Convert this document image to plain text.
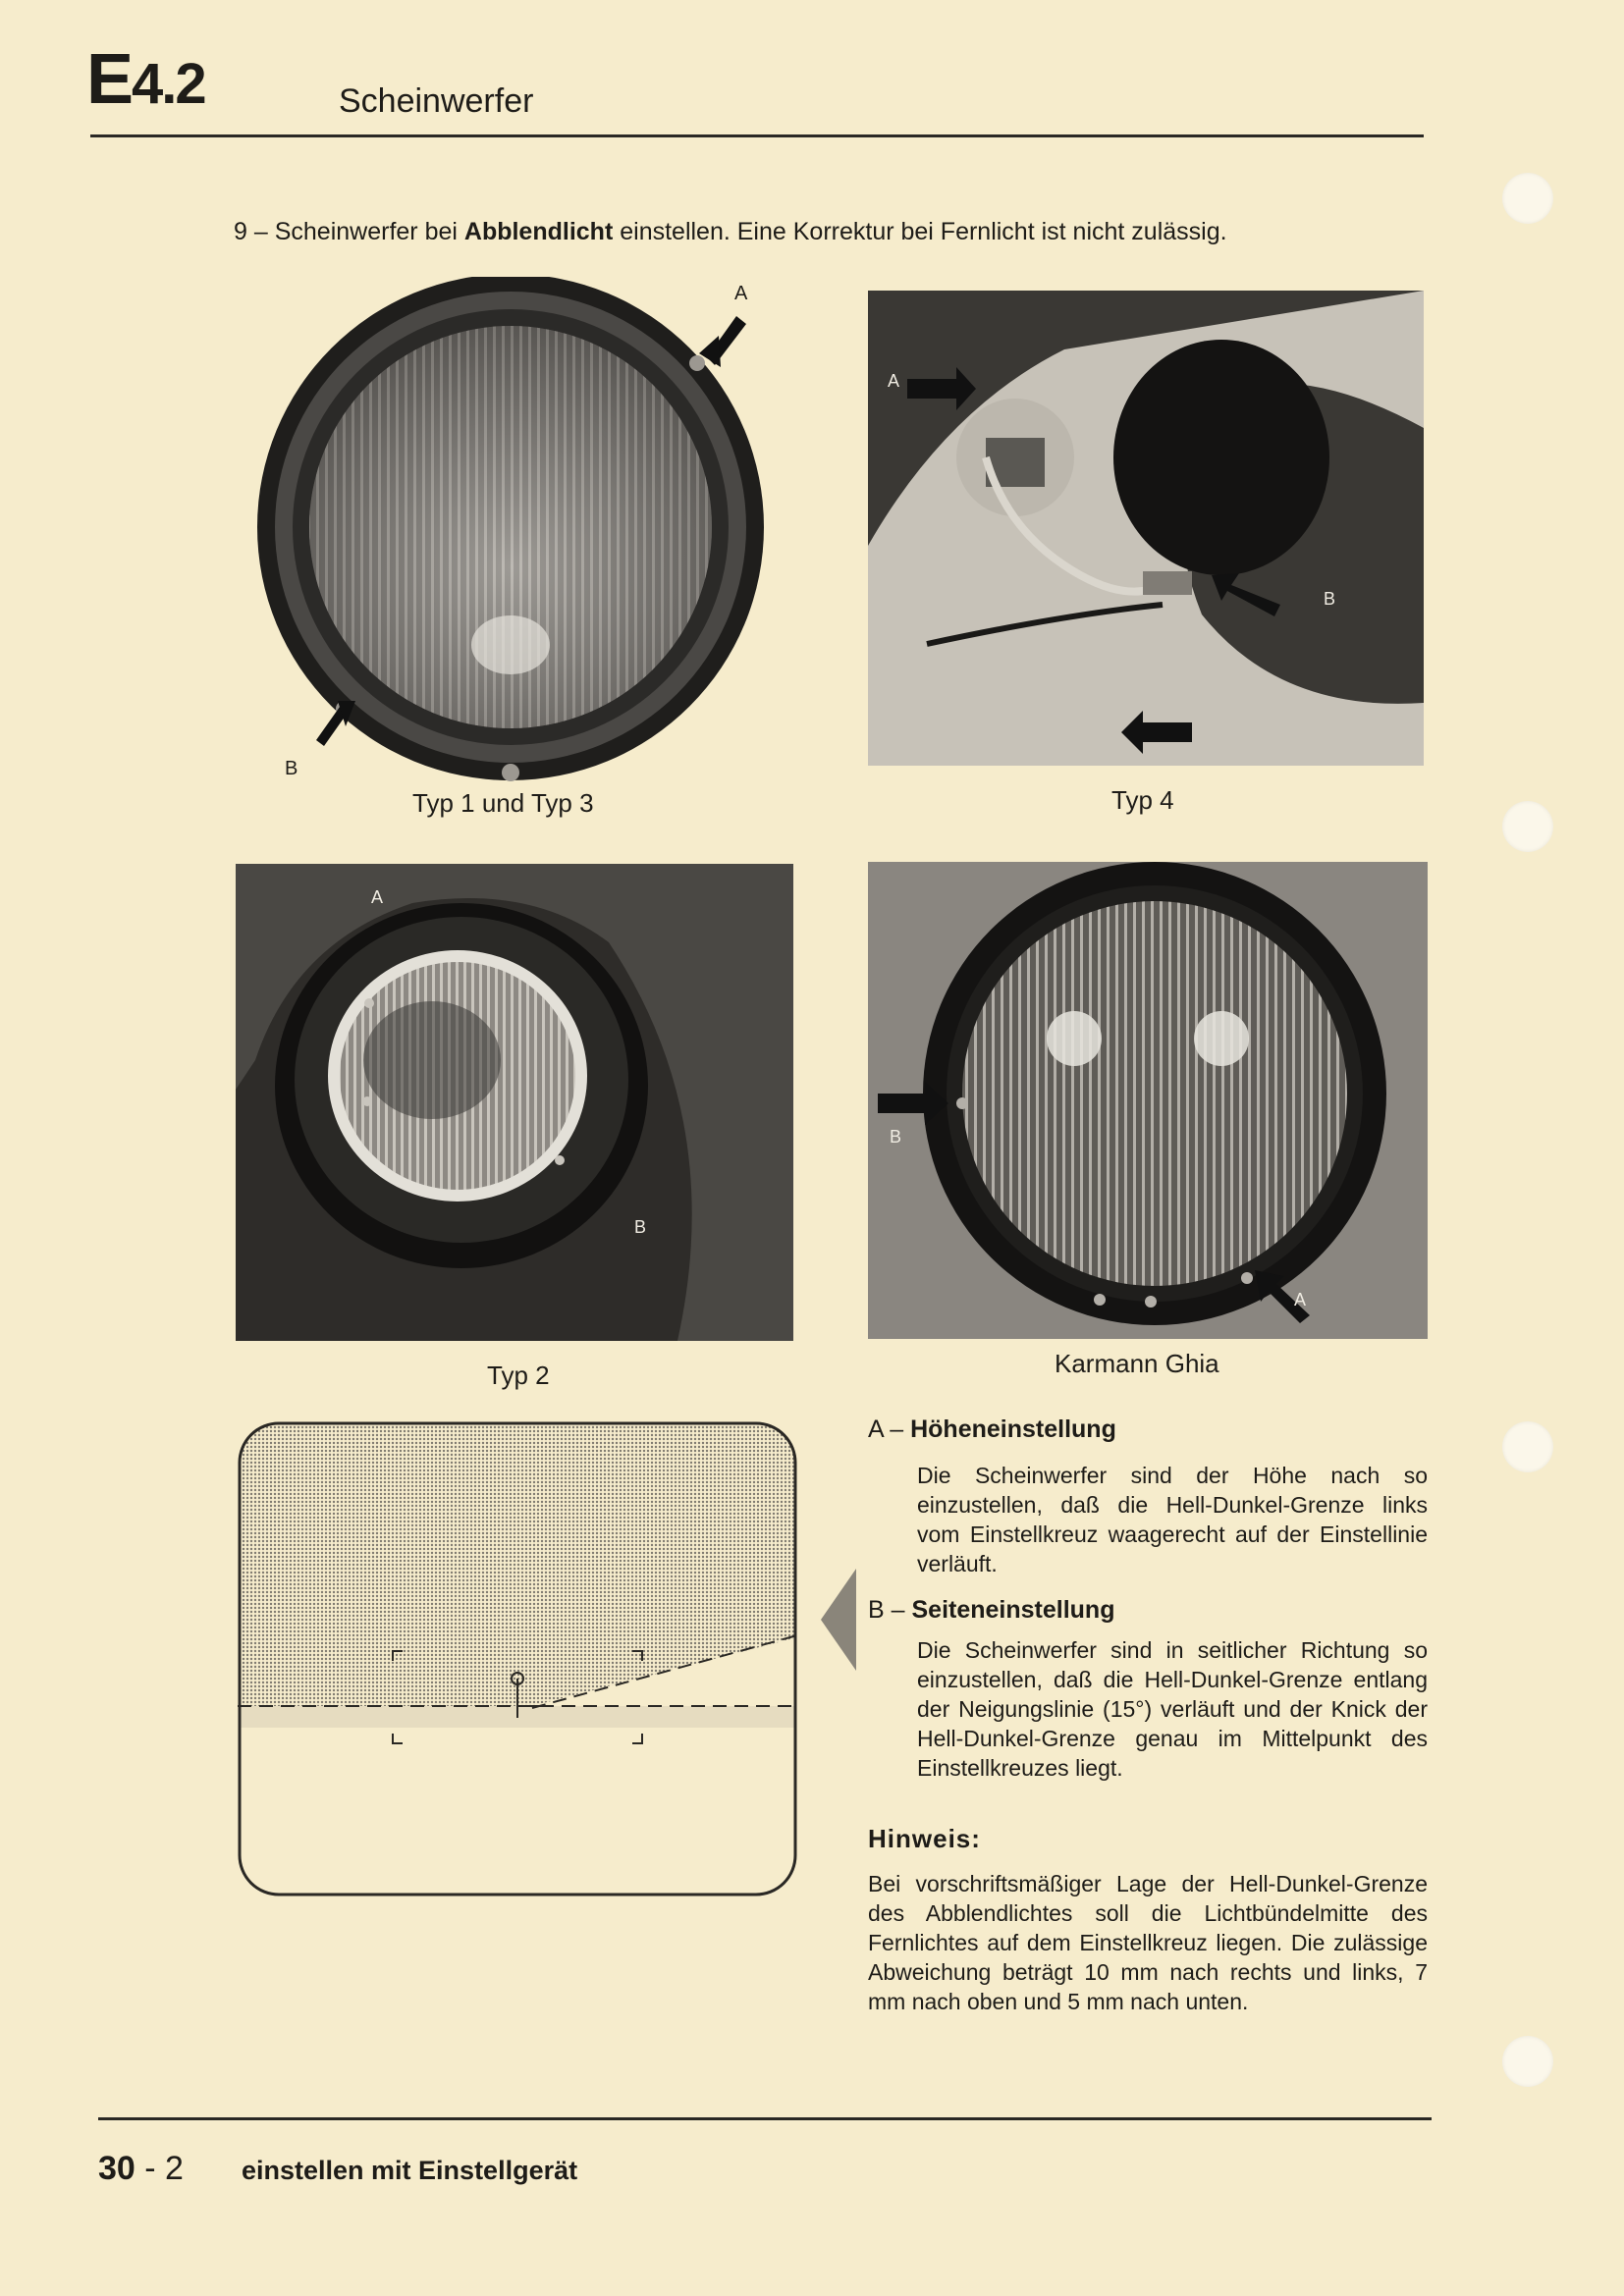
E4.2	Scheinwerfer
9 – Scheinwerfer bei Abblendlicht einstellen. Eine Korrektur bei Fernlicht ist nicht zulässig.
Typ 1 und Typ 3
A
B
A
B
Typ 4
A
B
Typ 2
B
A
Karmann Ghia
A – Höheneinstellung
Die Scheinwerfer sind der Höhe nach so einzustellen, daß die Hell-Dunkel-Grenze links vom Einstellkreuz waagerecht auf der Einstellinie verläuft.
B – Seiteneinstellung
Die Scheinwerfer sind in seitlicher Richtung so einzustellen, daß die Hell-Dunkel-Grenze entlang der Neigungslinie (15°) verläuft und der Knick der Hell-Dunkel-Grenze genau im Mittelpunkt des Einstellkreuzes liegt.
Hinweis:
Bei vorschriftsmäßiger Lage der Hell-Dunkel-Grenze des Abblendlichtes soll die Lichtbündelmitte des Fernlichtes auf dem Einstellkreuz liegen. Die zulässige Abweichung beträgt 10 mm nach rechts und links, 7 mm nach oben und 5 mm nach unten.
30 - 2 einstellen mit Einstellgerät
